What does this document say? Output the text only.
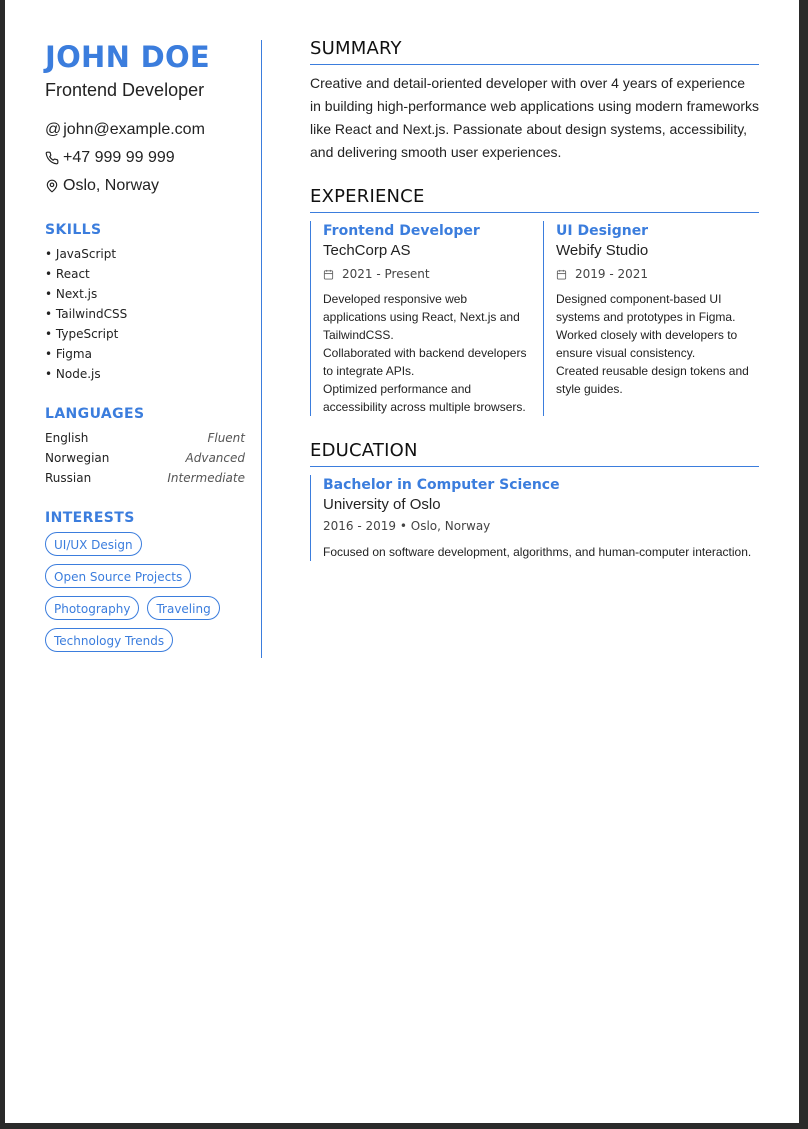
JOHN DOE
Frontend Developer
@ john@example.com
+47 999 99 999
Oslo, Norway
SKILLS
• JavaScript
• React
• Next.js
• TailwindCSS
• TypeScript
• Figma
• Node.js
LANGUAGES
English	Fluent
Norwegian	Advanced
Russian	Intermediate
INTERESTS
UI/UX Design
Open Source Projects
Photography	Traveling
Technology Trends
SUMMARY
Creative and detail-oriented developer with over 4 years of experience in building high-performance web applications using modern frameworks like React and Next.js. Passionate about design systems, accessibility, and delivering smooth user experiences.
EXPERIENCE
Frontend Developer
TechCorp AS
2021 - Present
Developed responsive web applications using React, Next.js and TailwindCSS.
Collaborated with backend developers to integrate APIs.
Optimized performance and accessibility across multiple browsers.
UI Designer
Webify Studio
2019 - 2021
Designed component-based UI systems and prototypes in Figma.
Worked closely with developers to ensure visual consistency.
Created reusable design tokens and style guides.
EDUCATION
Bachelor in Computer Science
University of Oslo
2016 - 2019 • Oslo, Norway
Focused on software development, algorithms, and human-computer interaction.
